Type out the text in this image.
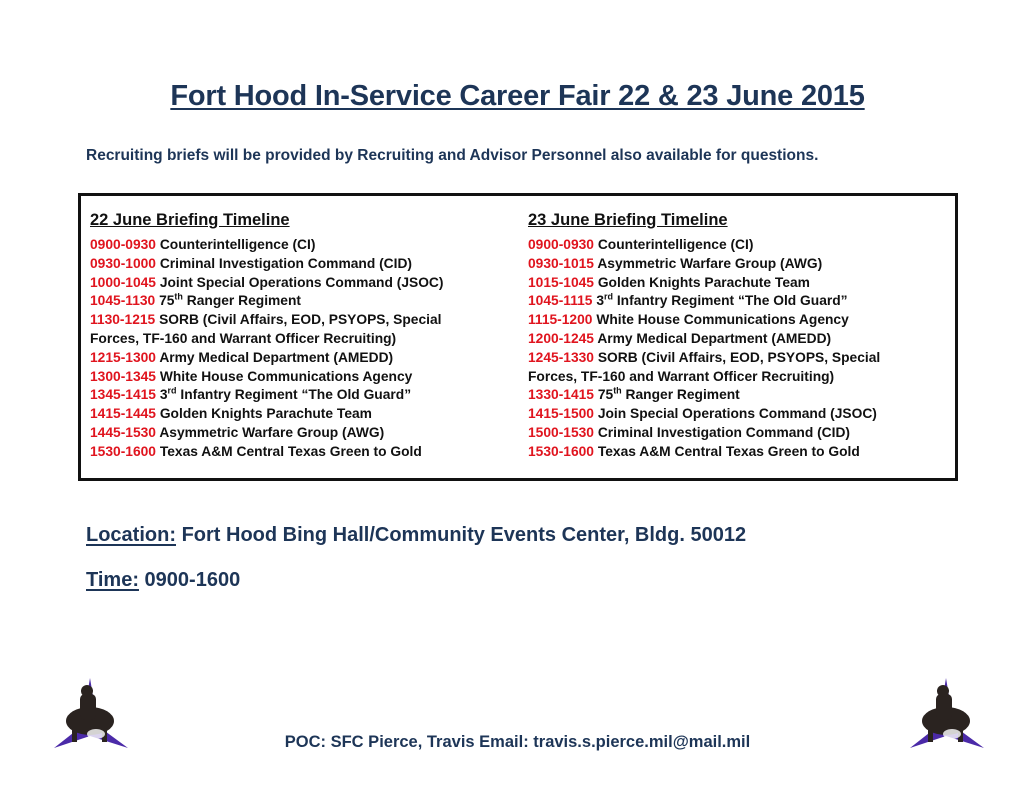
Fort Hood In-Service Career Fair 22 & 23 June 2015
Recruiting briefs will be provided by Recruiting and Advisor Personnel also available for questions.
22 June Briefing Timeline
0900-0930 Counterintelligence (CI)
0930-1000 Criminal Investigation Command (CID)
1000-1045 Joint Special Operations Command (JSOC)
1045-1130 75th Ranger Regiment
1130-1215 SORB (Civil Affairs, EOD, PSYOPS, Special
Forces, TF-160 and Warrant Officer Recruiting)
1215-1300 Army Medical Department (AMEDD)
1300-1345 White House Communications Agency
1345-1415 3rd Infantry Regiment “The Old Guard”
1415-1445 Golden Knights Parachute Team
1445-1530 Asymmetric Warfare Group (AWG)
1530-1600 Texas A&M Central Texas Green to Gold
23 June Briefing Timeline
0900-0930 Counterintelligence (CI)
0930-1015 Asymmetric Warfare Group (AWG)
1015-1045 Golden Knights Parachute Team
1045-1115 3rd Infantry Regiment “The Old Guard”
1115-1200 White House Communications Agency
1200-1245 Army Medical Department (AMEDD)
1245-1330 SORB (Civil Affairs, EOD, PSYOPS, Special
Forces, TF-160 and Warrant Officer Recruiting)
1330-1415 75th Ranger Regiment
1415-1500 Join Special Operations Command (JSOC)
1500-1530 Criminal Investigation Command (CID)
1530-1600 Texas A&M Central Texas Green to Gold
Location: Fort Hood Bing Hall/Community Events Center, Bldg. 50012
Time: 0900-1600
POC: SFC Pierce, Travis Email: travis.s.pierce.mil@mail.mil
